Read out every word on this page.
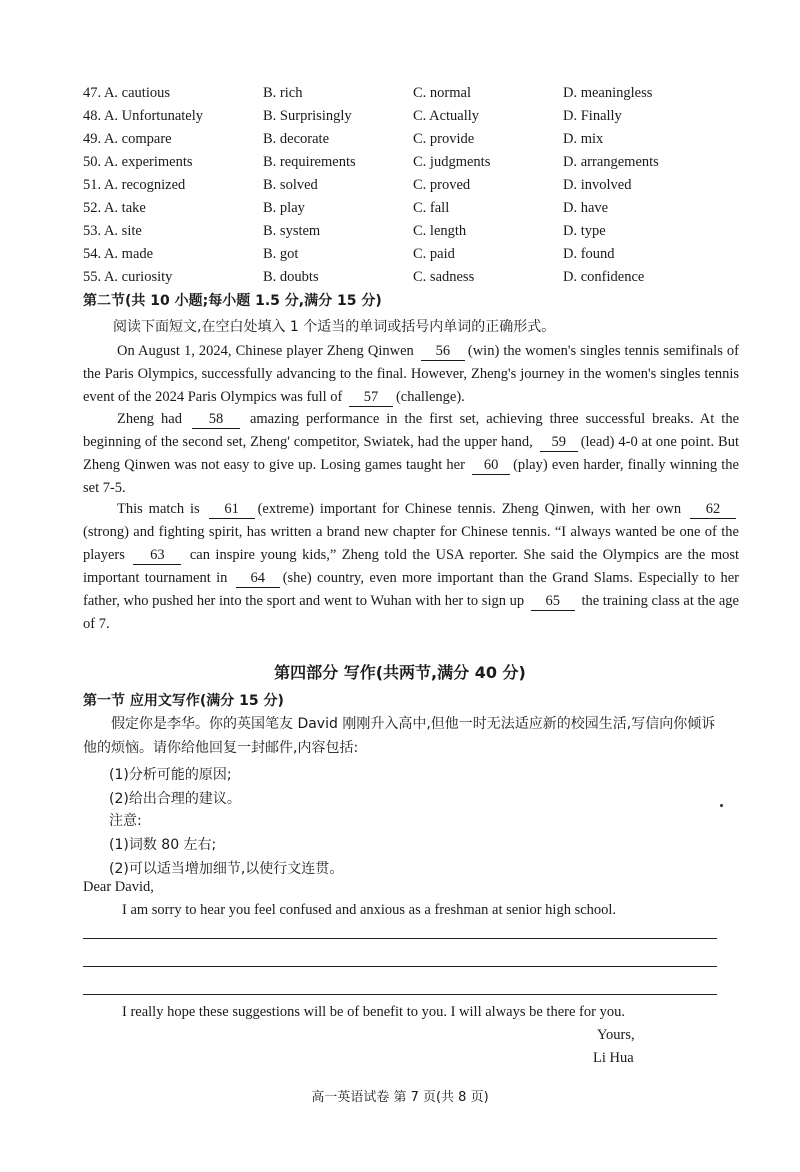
47. A. cautious	B. rich	C. normal	D. meaningless
48. A. Unfortunately	B. Surprisingly	C. Actually	D. Finally
49. A. compare	B. decorate	C. provide	D. mix
50. A. experiments	B. requirements	C. judgments	D. arrangements
51. A. recognized	B. solved	C. proved	D. involved
52. A. take	B. play	C. fall	D. have
53. A. site	B. system	C. length	D. type
54. A. made	B. got	C. paid	D. found
55. A. curiosity	B. doubts	C. sadness	D. confidence
第二节(共 10 小题;每小题 1.5 分,满分 15 分)
阅读下面短文,在空白处填入 1 个适当的单词或括号内单词的正确形式。
On August 1, 2024, Chinese player Zheng Qinwen 56 (win) the women's singles tennis semifinals of the Paris Olympics, successfully advancing to the final. However, Zheng's journey in the women's singles tennis event of the 2024 Paris Olympics was full of 57 (challenge).
Zheng had 58 amazing performance in the first set, achieving three successful breaks. At the beginning of the second set, Zheng' competitor, Swiatek, had the upper hand, 59 (lead) 4-0 at one point. But Zheng Qinwen was not easy to give up. Losing games taught her 60 (play) even harder, finally winning the set 7-5.
This match is 61 (extreme) important for Chinese tennis. Zheng Qinwen, with her own 62 (strong) and fighting spirit, has written a brand new chapter for Chinese tennis. “I always wanted be one of the players 63 can inspire young kids,” Zheng told the USA reporter. She said the Olympics are the most important tournament in 64 (she) country, even more important than the Grand Slams. Especially to her father, who pushed her into the sport and went to Wuhan with her to sign up 65 the training class at the age of 7.
第四部分 写作(共两节,满分 40 分)
第一节 应用文写作(满分 15 分)
假定你是李华。你的英国笔友 David 刚刚升入高中,但他一时无法适应新的校园生活,写信向你倾诉他的烦恼。请你给他回复一封邮件,内容包括:
(1)分析可能的原因;
(2)给出合理的建议。
注意:
(1)词数 80 左右;
(2)可以适当增加细节,以使行文连贯。
Dear David,
I am sorry to hear you feel confused and anxious as a freshman at senior high school.
I really hope these suggestions will be of benefit to you. I will always be there for you.
Yours,
Li Hua
高一英语试卷 第 7 页(共 8 页)
